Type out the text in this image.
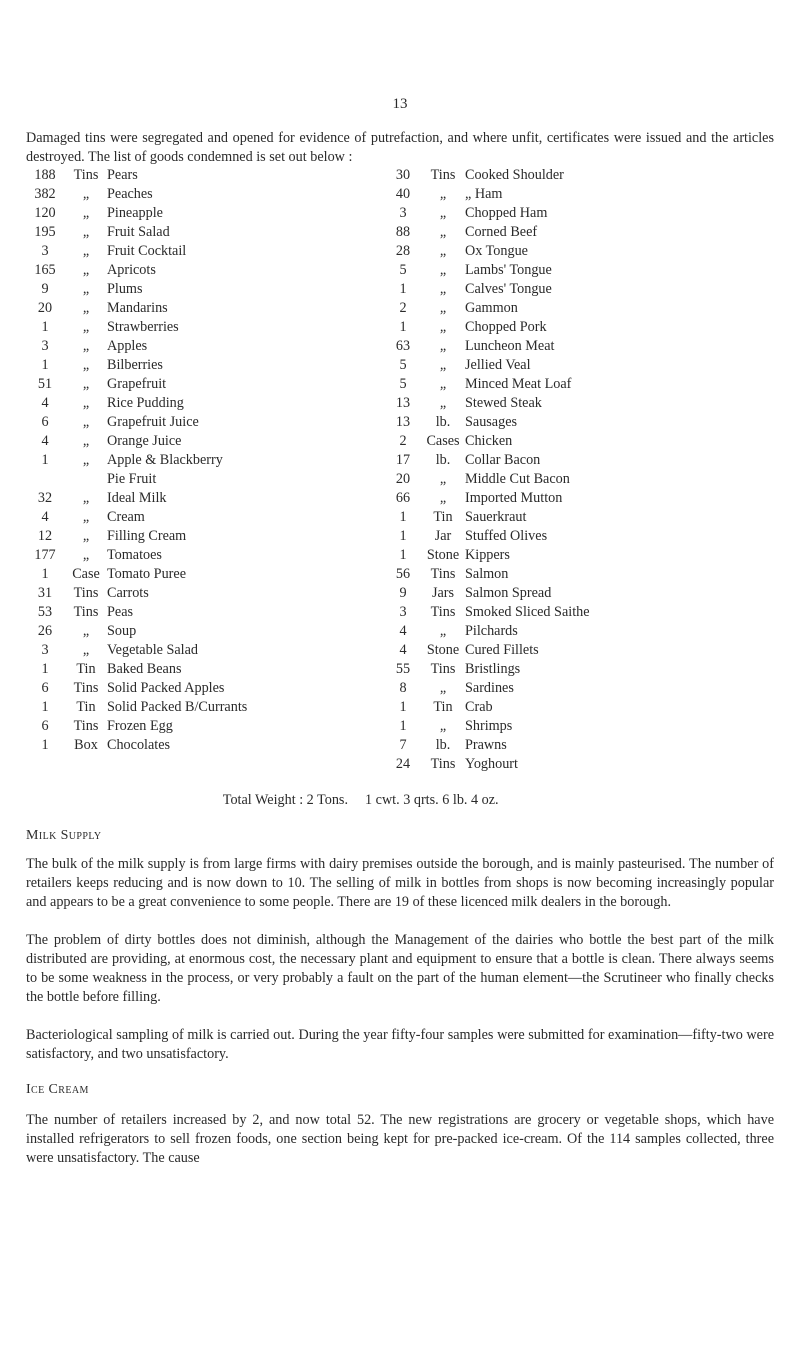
13

Damaged tins were segregated and opened for evidence of putrefaction, and where unfit, certificates were issued and the articles destroyed. The list of goods condemned is set out below :

188	Tins Pears
382	„	Peaches
120	„	Pineapple
195	„	Fruit Salad
3	„	Fruit Cocktail
165	„	Apricots
9	„	Plums
20	„	Mandarins
1	„	Strawberries
3	„	Apples
1	„	Bilberries
51	„	Grapefruit
4	„	Rice Pudding
6	„	Grapefruit Juice
4	„	Orange Juice
1	„	Apple & Blackberry
Pie Fruit
32	„	Ideal Milk
4	„	Cream
12	„	Filling Cream
177	„	Tomatoes
1	Case Tomato Puree
31	Tins Carrots
53	Tins Peas
26	„	Soup
3	„	Vegetable Salad
1	Tin Baked Beans
6	Tins Solid Packed Apples
1	Tin Solid Packed B/Currants
6	Tins Frozen Egg
1	Box Chocolates
30	Tins Cooked Shoulder
40	„	„ Ham
3	„	Chopped Ham
88	„	Corned Beef
28	„	Ox Tongue
5	„	Lambs' Tongue
1	„	Calves' Tongue
2	„	Gammon
1	„	Chopped Pork
63	„	Luncheon Meat
5	„	Jellied Veal
5	„	Minced Meat Loaf
13	„	Stewed Steak
13	lb.	Sausages
2	Cases Chicken
17	lb.	Collar Bacon
20	„	Middle Cut Bacon
66	„	Imported Mutton
1	Tin Sauerkraut
1	Jar Stuffed Olives
1	Stone Kippers
56	Tins Salmon
9	Jars Salmon Spread
3	Tins Smoked Sliced Saithe
4	„	Pilchards
4	Stone Cured Fillets
55	Tins Bristlings
8	„	Sardines
1	Tin Crab
1	„	Shrimps
7	lb.	Prawns
24	Tins Yoghourt
Total Weight : 2 Tons. 1 cwt. 3 qrts. 6 lb. 4 oz.
Milk Supply

The bulk of the milk supply is from large firms with dairy premises outside the borough, and is mainly pasteurised. The number of retailers keeps reducing and is now down to 10. The selling of milk in bottles from shops is now becoming increasingly popular and appears to be a great convenience to some people. There are 19 of these licenced milk dealers in the borough.

The problem of dirty bottles does not diminish, although the Management of the dairies who bottle the best part of the milk distributed are providing, at enormous cost, the necessary plant and equipment to ensure that a bottle is clean. There always seems to be some weakness in the process, or very probably a fault on the part of the human element—the Scrutineer who finally checks the bottle before filling.

Bacteriological sampling of milk is carried out. During the year fifty-four samples were submitted for examination—fifty-two were satisfactory, and two unsatisfactory.

Ice Cream

The number of retailers increased by 2, and now total 52. The new registrations are grocery or vegetable shops, which have installed refrigerators to sell frozen foods, one section being kept for pre-packed ice-cream. Of the 114 samples collected, three were unsatisfactory. The cause
